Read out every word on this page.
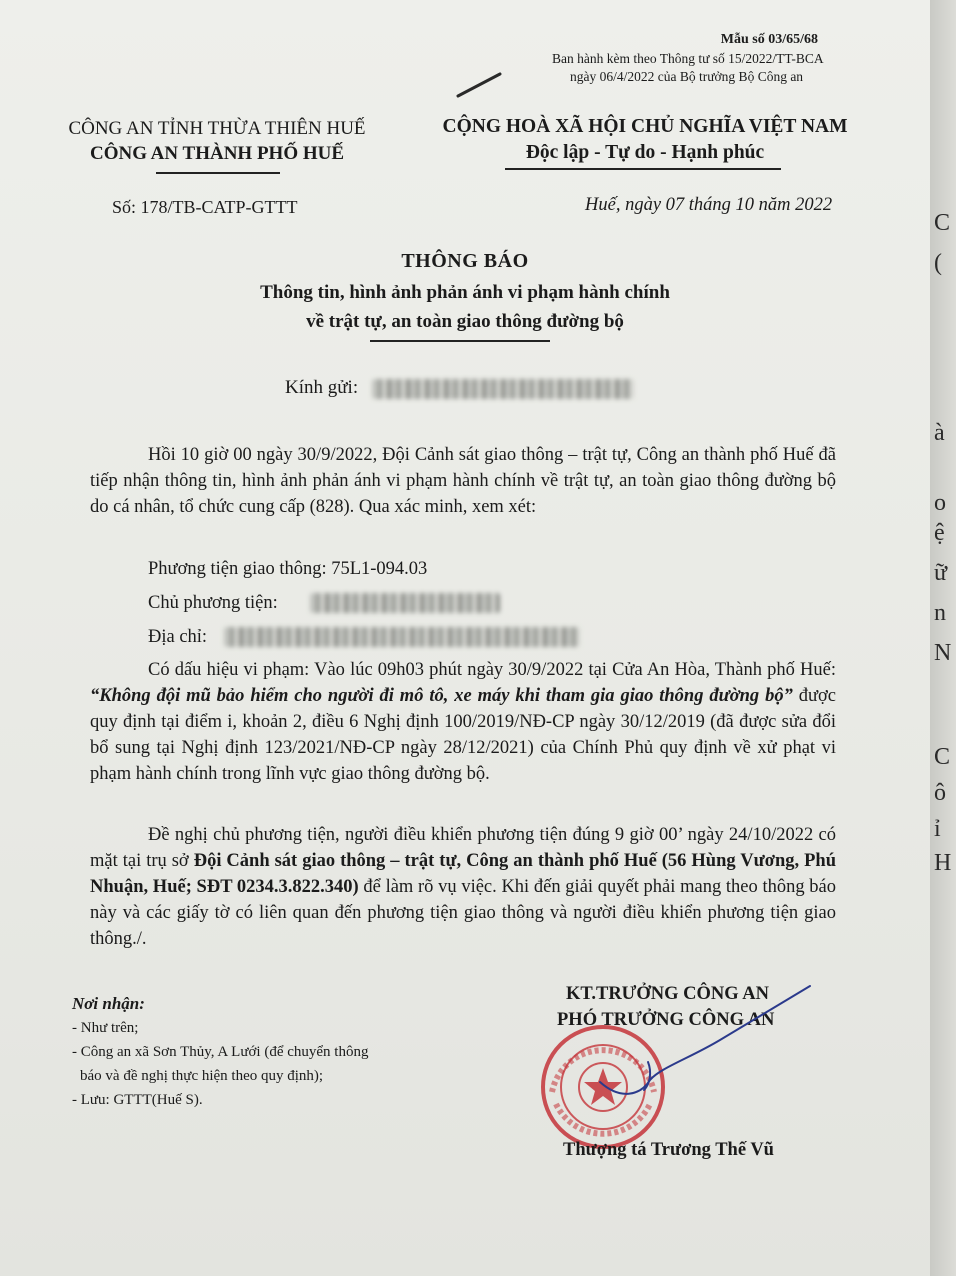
Mẫu số 03/65/68
Ban hành kèm theo Thông tư số 15/2022/TT-BCA
ngày 06/4/2022 của Bộ trưởng Bộ Công an
CÔNG AN TỈNH THỪA THIÊN HUẾ
CÔNG AN THÀNH PHỐ HUẾ
CỘNG HOÀ XÃ HỘI CHỦ NGHĨA VIỆT NAM
Độc lập - Tự do - Hạnh phúc
Số: 178/TB-CATP-GTTT	Huế, ngày 07 tháng 10 năm 2022
THÔNG BÁO
Thông tin, hình ảnh phản ánh vi phạm hành chính
về trật tự, an toàn giao thông đường bộ
Kính gửi:

Hồi 10 giờ 00 ngày 30/9/2022, Đội Cảnh sát giao thông – trật tự, Công an thành phố Huế đã tiếp nhận thông tin, hình ảnh phản ánh vi phạm hành chính về trật tự, an toàn giao thông đường bộ do cá nhân, tổ chức cung cấp (828). Qua xác minh, xem xét:

Phương tiện giao thông: 75L1-094.03

Chủ phương tiện:

Địa chỉ:

Có dấu hiệu vi phạm: Vào lúc 09h03 phút ngày 30/9/2022 tại Cửa An Hòa, Thành phố Huế: “Không đội mũ bảo hiểm cho người đi mô tô, xe máy khi tham gia giao thông đường bộ” được quy định tại điểm i, khoản 2, điều 6 Nghị định 100/2019/NĐ-CP ngày 30/12/2019 (đã được sửa đổi bổ sung tại Nghị định 123/2021/NĐ-CP ngày 28/12/2021) của Chính Phủ quy định về xử phạt vi phạm hành chính trong lĩnh vực giao thông đường bộ.

Đề nghị chủ phương tiện, người điều khiển phương tiện đúng 9 giờ 00’ ngày 24/10/2022 có mặt tại trụ sở Đội Cảnh sát giao thông – trật tự, Công an thành phố Huế (56 Hùng Vương, Phú Nhuận, Huế; SĐT 0234.3.822.340) để làm rõ vụ việc. Khi đến giải quyết phải mang theo thông báo này và các giấy tờ có liên quan đến phương tiện giao thông và người điều khiển phương tiện giao thông./.

Nơi nhận:
- Như trên;
- Công an xã Sơn Thủy, A Lưới (để chuyển thông
báo và đề nghị thực hiện theo quy định);
- Lưu: GTTT(Huế S).
KT.TRƯỞNG CÔNG AN
PHÓ TRƯỞNG CÔNG AN
Thượng tá Trương Thế Vũ
C
(
à
o
ệ
ữ
n
N
C
ô
ỉ
H
